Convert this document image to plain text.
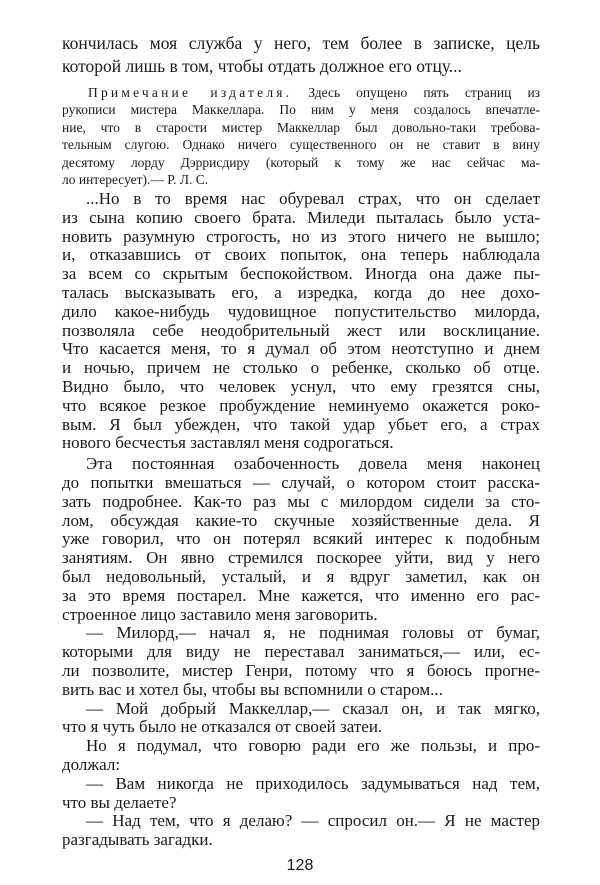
кончилась моя служба у него, тем более в записке, цель
которой лишь в том, чтобы отдать должное его отцу...
Примечание издателя. Здесь опущено пять страниц из
рукописи мистера Маккеллара. По ним у меня создалось впечатле-
ние, что в старости мистер Маккеллар был довольно-таки требова-
тельным слугою. Однако ничего существенного он не ставит в вину
десятому лорду Дэррисдиру (который к тому же нас сейчас ма-
ло интересует).— Р. Л. С.
...Но в то время нас обуревал страх, что он сделает
из сына копию своего брата. Миледи пыталась было уста-
новить разумную строгость, но из этого ничего не вышло;
и, отказавшись от своих попыток, она теперь наблюдала
за всем со скрытым беспокойством. Иногда она даже пы-
талась высказывать его, а изредка, когда до нее дохо-
дило какое-нибудь чудовищное попустительство милорда,
позволяла себе неодобрительный жест или восклицание.
Что касается меня, то я думал об этом неотступно и днем
и ночью, причем не столько о ребенке, сколько об отце.
Видно было, что человек уснул, что ему грезятся сны,
что всякое резкое пробуждение неминуемо окажется роко-
вым. Я был убежден, что такой удар убьет его, а страх
нового бесчестья заставлял меня содрогаться.
Эта постоянная озабоченность довела меня наконец
до попытки вмешаться — случай, о котором стоит расска-
зать подробнее. Как-то раз мы с милордом сидели за сто-
лом, обсуждая какие-то скучные хозяйственные дела. Я
уже говорил, что он потерял всякий интерес к подобным
занятиям. Он явно стремился поскорее уйти, вид у него
был недовольный, усталый, и я вдруг заметил, как он
за это время постарел. Мне кажется, что именно его рас-
строенное лицо заставило меня заговорить.
— Милорд,— начал я, не поднимая головы от бумаг,
которыми для виду не переставал заниматься,— или, ес-
ли позволите, мистер Генри, потому что я боюсь прогне-
вить вас и хотел бы, чтобы вы вспомнили о старом...
— Мой добрый Маккеллар,— сказал он, и так мягко,
что я чуть было не отказался от своей затеи.
Но я подумал, что говорю ради его же пользы, и про-
должал:
— Вам никогда не приходилось задумываться над тем,
что вы делаете?
— Над тем, что я делаю? — спросил он.— Я не мастер
разгадывать загадки.
128
